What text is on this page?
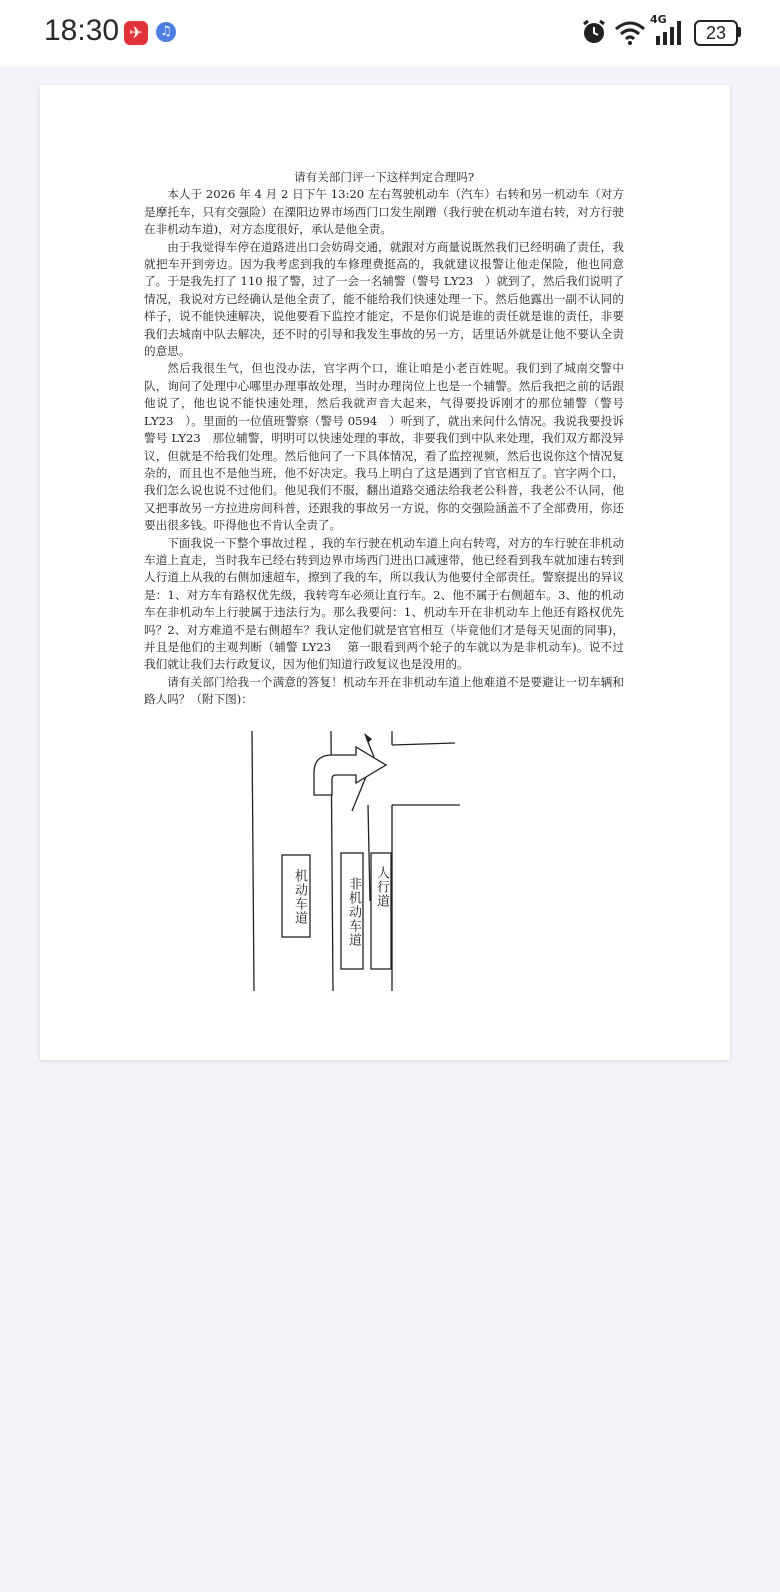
18:30 ✈	♫
4G
23

请有关部门评一下这样判定合理吗?

本人于 2026 年 4 月 2 日下午 13:20 左右驾驶机动车（汽车）右转和另一机动车（对方是摩托车，只有交强险）在溧阳边界市场西门口发生剐蹭（我行驶在机动车道右转，对方行驶在非机动车道)，对方态度很好，承认是他全责。

由于我觉得车停在道路进出口会妨碍交通，就跟对方商量说既然我们已经明确了责任，我就把车开到旁边。因为我考虑到我的车修理费挺高的，我就建议报警让他走保险，他也同意了。于是我先打了 110 报了警，过了一会一名辅警（警号 LY23　）就到了，然后我们说明了情况，我说对方已经确认是他全责了，能不能给我们快速处理一下。然后他露出一副不认同的样子，说不能快速解决，说他要看下监控才能定，不是你们说是谁的责任就是谁的责任，非要我们去城南中队去解决，还不时的引导和我发生事故的另一方，话里话外就是让他不要认全责的意思。

然后我很生气，但也没办法，官字两个口，谁让咱是小老百姓呢。我们到了城南交警中队，询问了处理中心哪里办理事故处理，当时办理岗位上也是一个辅警。然后我把之前的话跟他说了，他也说不能快速处理，然后我就声音大起来，气得要投诉刚才的那位辅警（警号 LY23　）。里面的一位值班警察（警号 0594　）听到了，就出来问什么情况。我说我要投诉警号 LY23　那位辅警，明明可以快速处理的事故，非要我们到中队来处理，我们双方都没异议，但就是不给我们处理。然后他问了一下具体情况，看了监控视频，然后也说你这个情况复杂的，而且也不是他当班，他不好决定。我马上明白了这是遇到了官官相互了。官字两个口，我们怎么说也说不过他们。他见我们不服，翻出道路交通法给我老公科普，我老公不认同，他又把事故另一方拉进房间科普，还跟我的事故另一方说，你的交强险涵盖不了全部费用，你还要出很多钱。吓得他也不肯认全责了。

下面我说一下整个事故过程 ，我的车行驶在机动车道上向右转弯，对方的车行驶在非机动车道上直走，当时我车已经右转到边界市场西门进出口减速带，他已经看到我车就加速右转到人行道上从我的右侧加速超车，擦到了我的车，所以我认为他要付全部责任。警察提出的异议是：1、对方车有路权优先级，我转弯车必须让直行车。2、他不属于右侧超车。3、他的机动车在非机动车上行驶属于违法行为。那么我要问：1、机动车开在非机动车上他还有路权优先吗？2、对方难道不是右侧超车？我认定他们就是官官相互（毕竟他们才是每天见面的同事)，并且是他们的主观判断（辅警 LY23　 第一眼看到两个轮子的车就以为是非机动车)。说不过我们就让我们去行政复议，因为他们知道行政复议也是没用的。

请有关部门给我一个满意的答复！机动车开在非机动车道上他难道不是要避让一切车辆和路人吗？（附下图)：

机动车道	非机动车道 人行道
